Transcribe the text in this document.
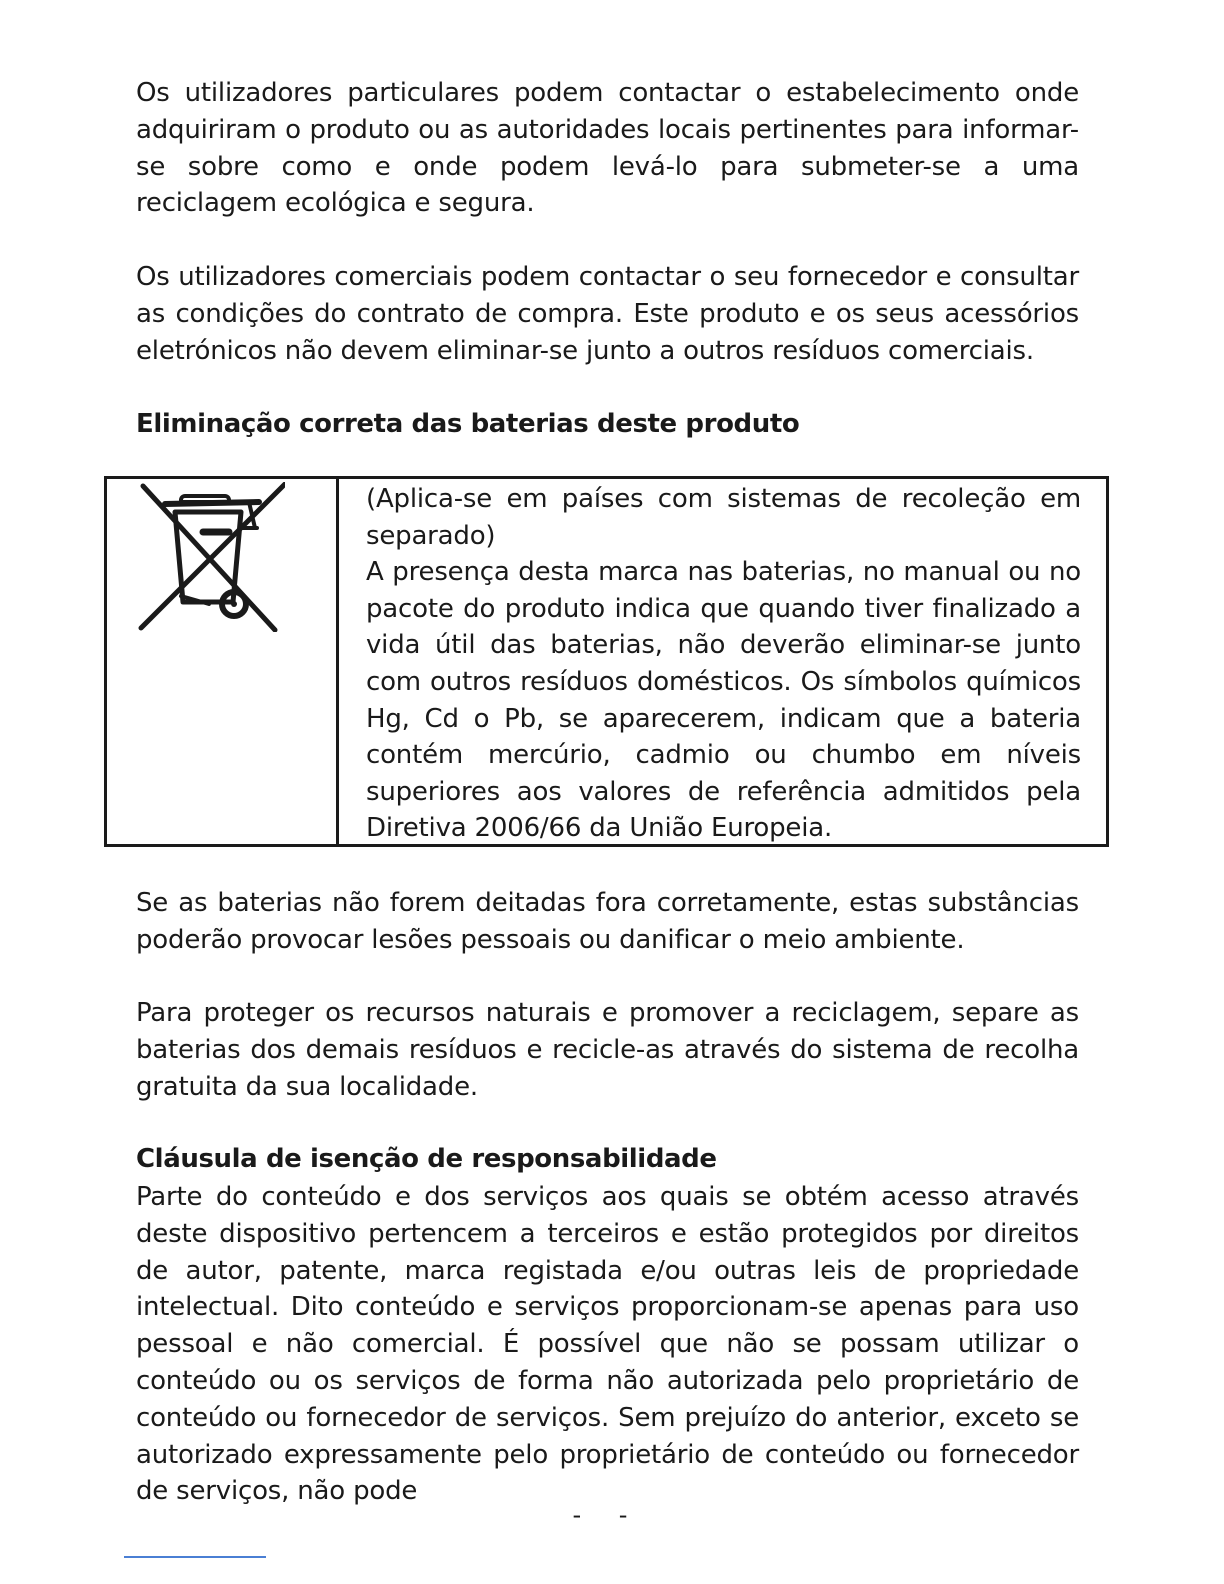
Os utilizadores particulares podem contactar o estabelecimento onde adquiriram o produto ou as autoridades locais pertinentes para informar-se sobre como e onde podem levá-lo para submeter-se a uma reciclagem ecológica e segura.

Os utilizadores comerciais podem contactar o seu fornecedor e consultar as condições do contrato de compra. Este produto e os seus acessórios eletrónicos não devem eliminar-se junto a outros resíduos comerciais.

Eliminação correta das baterias deste produto

(Aplica-se em países com sistemas de recoleção em separado)
A presença desta marca nas baterias, no manual ou no pacote do produto indica que quando tiver finalizado a vida útil das baterias, não deverão eliminar-se junto com outros resíduos domésticos. Os símbolos químicos Hg, Cd o Pb, se aparecerem, indicam que a bateria contém mercúrio, cadmio ou chumbo em níveis superiores aos valores de referência admitidos pela Diretiva 2006/66 da União Europeia.

Se as baterias não forem deitadas fora corretamente, estas substâncias poderão provocar lesões pessoais ou danificar o meio ambiente.

Para proteger os recursos naturais e promover a reciclagem, separe as baterias dos demais resíduos e recicle-as através do sistema de recolha gratuita da sua localidade.

Cláusula de isenção de responsabilidade

Parte do conteúdo e dos serviços aos quais se obtém acesso através deste dispositivo pertencem a terceiros e estão protegidos por direitos de autor, patente, marca registada e/ou outras leis de propriedade intelectual. Dito conteúdo e serviços proporcionam-se apenas para uso pessoal e não comercial. É possível que não se possam utilizar o conteúdo ou os serviços de forma não autorizada pelo proprietário de conteúdo ou fornecedor de serviços. Sem prejuízo do anterior, exceto se autorizado expressamente pelo proprietário de conteúdo ou fornecedor de serviços, não pode

- -
